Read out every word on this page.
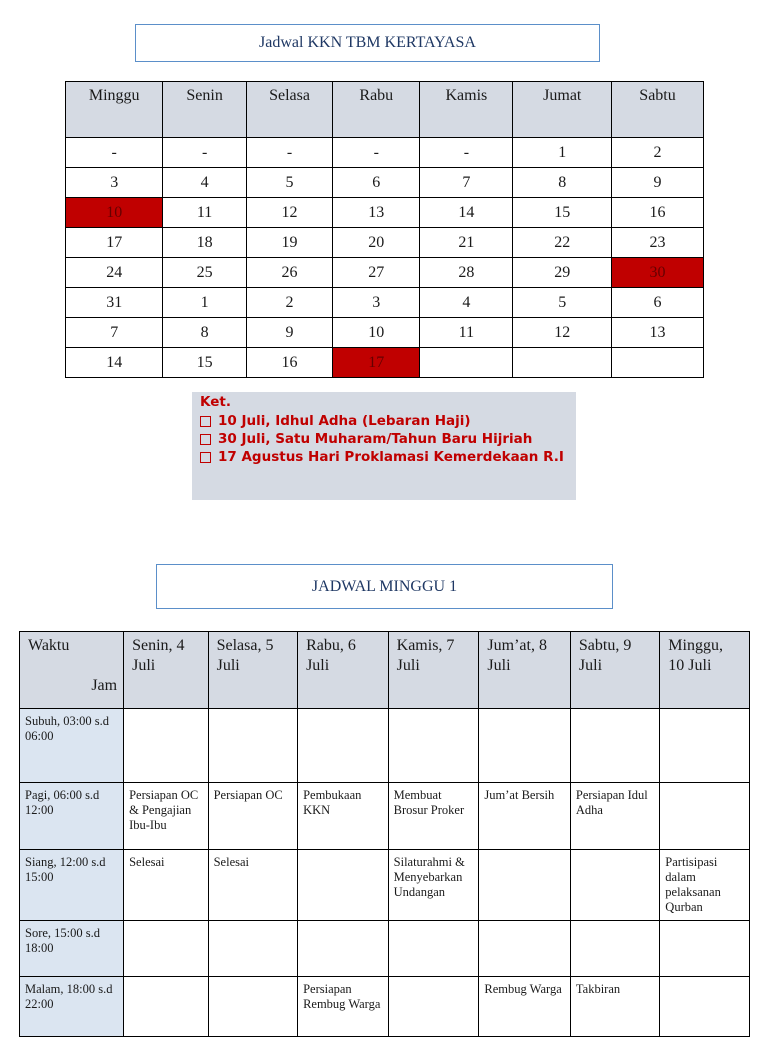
Jadwal KKN TBM KERTAYASA
Minggu	Senin	Selasa	Rabu	Kamis	Jumat	Sabtu
-	-	-	-	-	1	2
3	4	5	6	7	8	9
10	11	12	13	14	15	16
17	18	19	20	21	22	23
24	25	26	27	28	29	30
31	1	2	3	4	5	6
7	8	9	10	11	12	13
14	15	16	17			
Ket.
10 Juli, Idhul Adha (Lebaran Haji)
30 Juli, Satu Muharam/Tahun Baru Hijriah
17 Agustus Hari Proklamasi Kemerdekaan R.I
JADWAL MINGGU 1
Waktu
Jam	Senin, 4 Juli	Selasa, 5 Juli	Rabu, 6 Juli	Kamis, 7 Juli	Jum’at, 8 Juli	Sabtu, 9 Juli	Minggu, 10 Juli
Subuh, 03:00 s.d 06:00							
Pagi, 06:00 s.d 12:00	Persiapan OC & Pengajian Ibu-Ibu	Persiapan OC	Pembukaan KKN	Membuat Brosur Proker	Jum’at Bersih	Persiapan Idul Adha	
Siang, 12:00 s.d 15:00	Selesai	Selesai		Silaturahmi & Menyebarkan Undangan			Partisipasi dalam pelaksanan Qurban
Sore, 15:00 s.d 18:00							
Malam, 18:00 s.d 22:00			Persiapan Rembug Warga		Rembug Warga	Takbiran	
